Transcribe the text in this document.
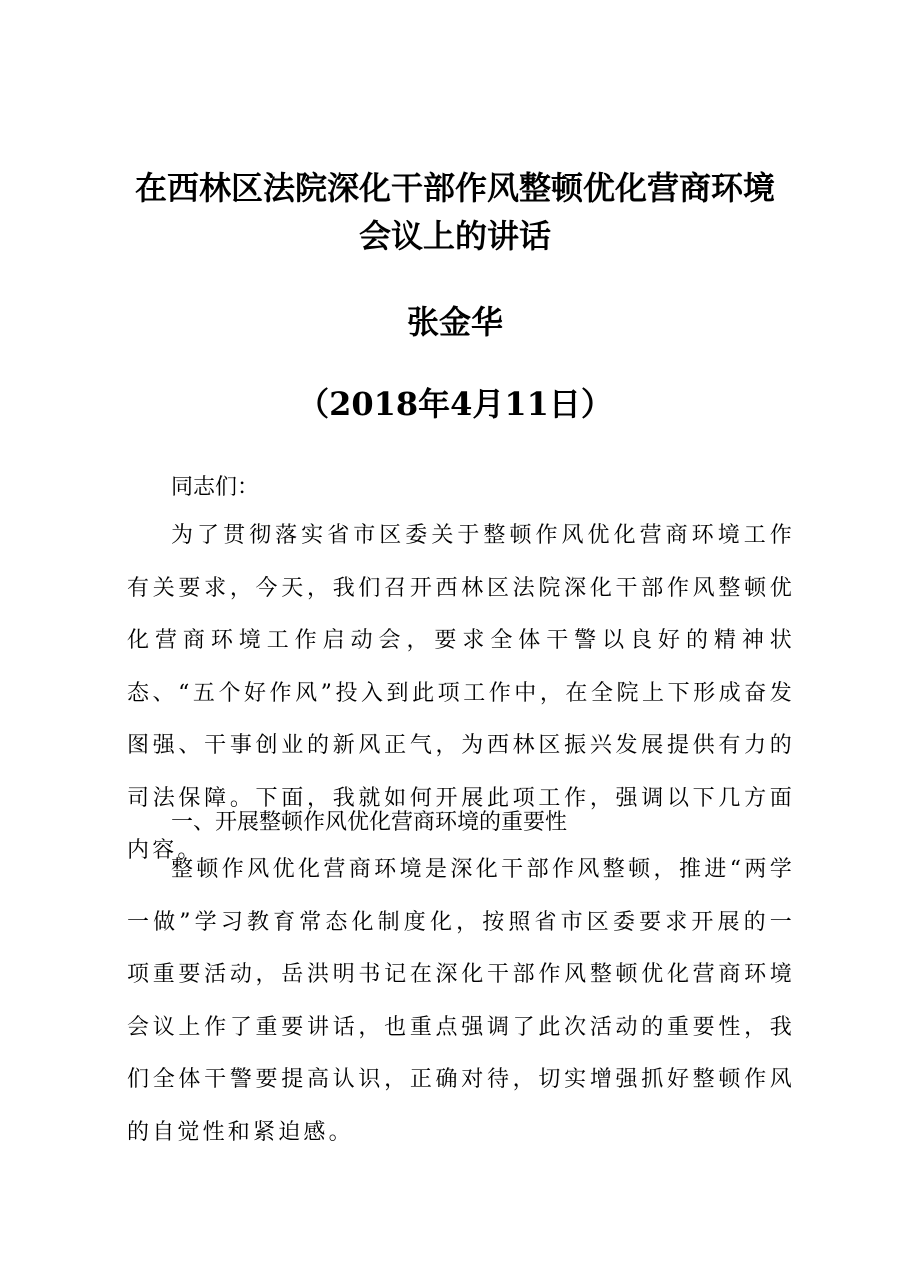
在西林区法院深化干部作风整顿优化营商环境
会议上的讲话
张金华
（2018年4月11日）

同志们：

为了贯彻落实省市区委关于整顿作风优化营商环境工作有关要求，今天，我们召开西林区法院深化干部作风整顿优化营商环境工作启动会，要求全体干警以良好的精神状态、“五个好作风”投入到此项工作中，在全院上下形成奋发图强、干事创业的新风正气，为西林区振兴发展提供有力的司法保障。下面，我就如何开展此项工作，强调以下几方面内容。

一、开展整顿作风优化营商环境的重要性

整顿作风优化营商环境是深化干部作风整顿，推进“两学一做”学习教育常态化制度化，按照省市区委要求开展的一项重要活动，岳洪明书记在深化干部作风整顿优化营商环境会议上作了重要讲话，也重点强调了此次活动的重要性，我们全体干警要提高认识，正确对待，切实增强抓好整顿作风的自觉性和紧迫感。
